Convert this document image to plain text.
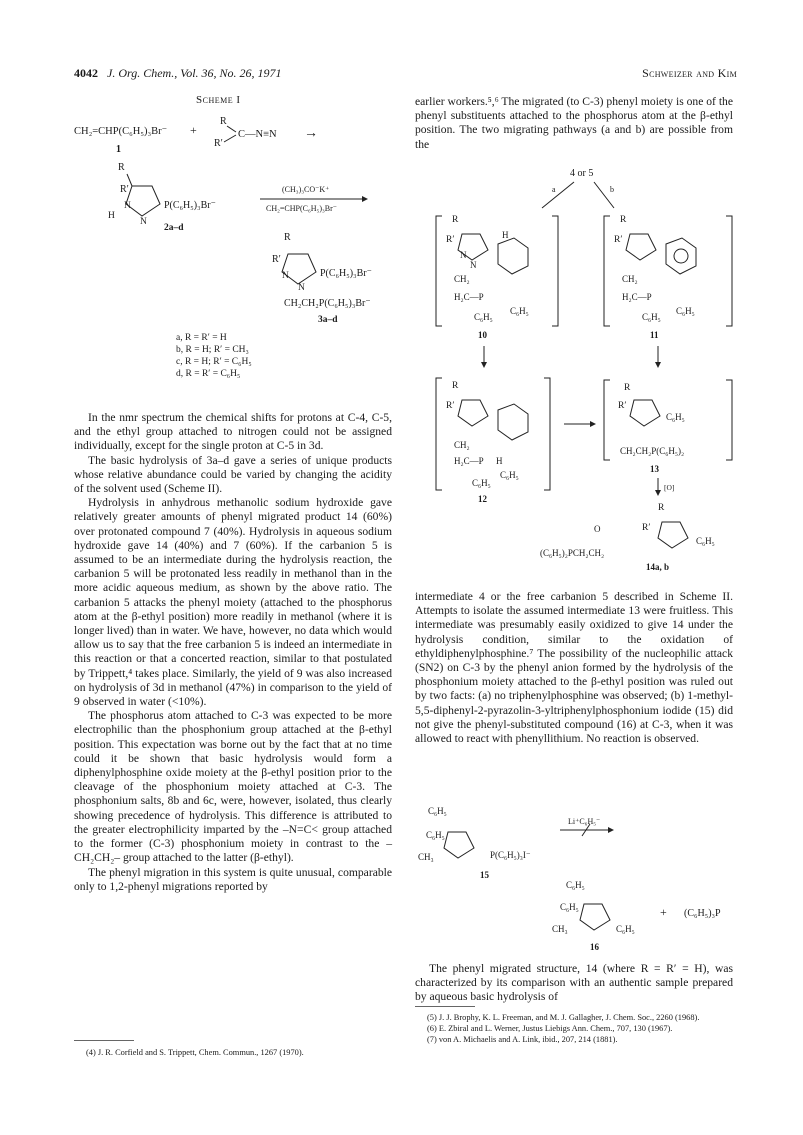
4042 J. Org. Chem., Vol. 36, No. 26, 1971	Schweizer and Kim
Scheme I
CH₂=CHP(C₆H₅)₃Br⁻
1
+
R
R′
C—N≡N →
R
R′
N
N
H
P(C₆H₅)₃Br⁻
2a–d
(CH₃)₃CO⁻K⁺
CH₂=CHP(C₆H₅)₃Br⁻
R
R′
N
N
P(C₆H₅)₃Br⁻
CH₂CH₂P(C₆H₅)₃Br⁻
3a–d
a, R = R′ = H
b, R = H; R′ = CH₃
c, R = H; R′ = C₆H₅
d, R = R′ = C₆H₅

In the nmr spectrum the chemical shifts for protons at C-4, C-5, and the ethyl group attached to nitrogen could not be assigned individually, except for the single proton at C-5 in 3d.

The basic hydrolysis of 3a–d gave a series of unique products whose relative abundance could be varied by changing the acidity of the solvent used (Scheme II).

Hydrolysis in anhydrous methanolic sodium hydroxide gave relatively greater amounts of phenyl migrated product 14 (60%) over protonated compound 7 (40%). Hydrolysis in aqueous sodium hydroxide gave 14 (40%) and 7 (60%). If the carbanion 5 is assumed to be an intermediate during the hydrolysis reaction, the carbanion 5 will be protonated less readily in methanol than in the more acidic aqueous medium, as shown by the above ratio. The carbanion 5 attacks the phenyl moiety (attached to the phosphorus atom at the β-ethyl position) more readily in methanol (where it is longer lived) than in water. We have, however, no data which would allow us to say that the free carbanion 5 is indeed an intermediate in this reaction or that a concerted reaction, similar to that postulated by Trippett,⁴ takes place. Similarly, the yield of 9 was also increased on hydrolysis of 3d in methanol (47%) in comparison to the yield of 9 observed in water (<10%).

The phosphorus atom attached to C-3 was expected to be more electrophilic than the phosphonium group attached at the β-ethyl position. This expectation was borne out by the fact that at no time could it be shown that basic hydrolysis would form a diphenylphosphine oxide moiety at the β-ethyl position prior to the cleavage of the phosphonium moiety attached at C-3. The phosphonium salts, 8b and 6c, were, however, isolated, thus clearly showing precedence of hydrolysis. This difference is attributed to the greater electrophilicity imparted by the –N=C< group attached to the former (C-3) phosphonium moiety in contrast to the –CH₂CH₂– group attached to the latter (β-ethyl).

The phenyl migration in this system is quite unusual, comparable only to 1,2-phenyl migrations reported by

(4) J. R. Corfield and S. Trippett, Chem. Commun., 1267 (1970).

earlier workers.⁵,⁶ The migrated (to C-3) phenyl moiety is one of the phenyl substituents attached to the phosphorus atom at the β-ethyl position. The two migrating pathways (a and b) are possible from the

4 or 5
a	b
R
R′
N
N
H
CH₂
H₂C—P
C₆H₅
C₆H₅
10
R
R′
CH₂
H₂C—P
C₆H₅
C₆H₅
11
R
R′
CH₂
H₂C—P H
C₆H₅
C₆H₅
12
R
R′
C₆H₅
CH₂CH₂P(C₆H₅)₂
13
[O]
R
R′
C₆H₅
O
(C₆H₅)₂PCH₂CH₂
14a, b

intermediate 4 or the free carbanion 5 described in Scheme II. Attempts to isolate the assumed intermediate 13 were fruitless. This intermediate was presumably easily oxidized to give 14 under the hydrolysis condition, similar to the oxidation of ethyldiphenylphosphine.⁷ The possibility of the nucleophilic attack (SN2) on C-3 by the phenyl anion formed by the hydrolysis of the phosphonium moiety attached to the β-ethyl position was ruled out by two facts: (a) no triphenylphosphine was observed; (b) 1-methyl-5,5-diphenyl-2-pyrazolin-3-yltriphenylphosphonium iodide (15) did not give the phenyl-substituted compound (16) at C-3, when it was allowed to react with phenyllithium. No reaction is observed.

C₆H₅
C₆H₅
CH₃	P(C₆H₅)₃I⁻
15
Li⁺C₆H₅⁻
C₆H₅
C₆H₅
CH₃	C₆H₅
16
+ (C₆H₅)₃P

The phenyl migrated structure, 14 (where R = R′ = H), was characterized by its comparison with an authentic sample prepared by aqueous basic hydrolysis of

(5) J. J. Brophy, K. L. Freeman, and M. J. Gallagher, J. Chem. Soc., 2260 (1968).
(6) E. Zbiral and L. Werner, Justus Liebigs Ann. Chem., 707, 130 (1967).
(7) von A. Michaelis and A. Link, ibid., 207, 214 (1881).
